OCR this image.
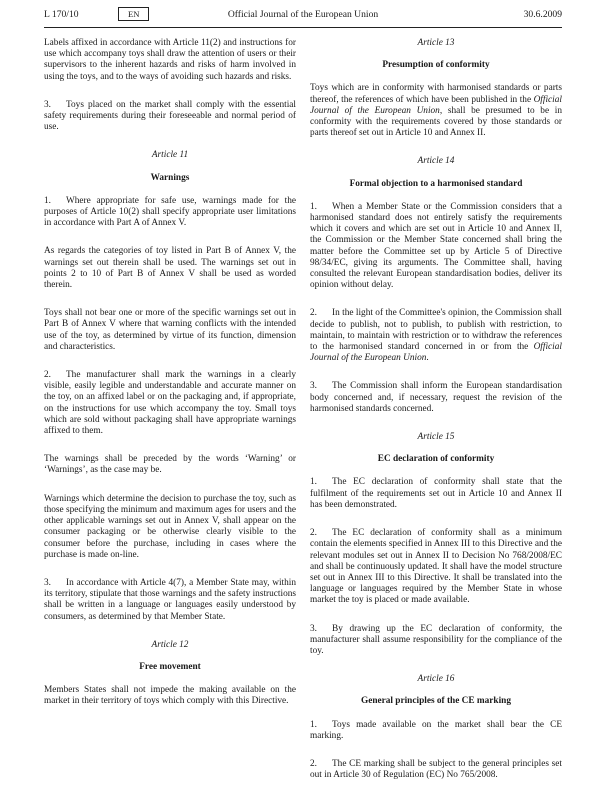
L 170/10	EN	Official Journal of the European Union	30.6.2009

Labels affixed in accordance with Article 11(2) and instructions for use which accompany toys shall draw the attention of users or their supervisors to the inherent hazards and risks of harm involved in using the toys, and to the ways of avoiding such hazards and risks.

3. Toys placed on the market shall comply with the essential safety requirements during their foreseeable and normal period of use.

Article 11
Warnings

1. Where appropriate for safe use, warnings made for the purposes of Article 10(2) shall specify appropriate user limitations in accordance with Part A of Annex V.

As regards the categories of toy listed in Part B of Annex V, the warnings set out therein shall be used. The warnings set out in points 2 to 10 of Part B of Annex V shall be used as worded therein.

Toys shall not bear one or more of the specific warnings set out in Part B of Annex V where that warning conflicts with the intended use of the toy, as determined by virtue of its function, dimension and characteristics.

2. The manufacturer shall mark the warnings in a clearly visible, easily legible and understandable and accurate manner on the toy, on an affixed label or on the packaging and, if appropriate, on the instructions for use which accompany the toy. Small toys which are sold without packaging shall have appropriate warnings affixed to them.

The warnings shall be preceded by the words ‘Warning’ or ‘Warnings’, as the case may be.

Warnings which determine the decision to purchase the toy, such as those specifying the minimum and maximum ages for users and the other applicable warnings set out in Annex V, shall appear on the consumer packaging or be otherwise clearly visible to the consumer before the purchase, including in cases where the purchase is made on-line.

3. In accordance with Article 4(7), a Member State may, within its territory, stipulate that those warnings and the safety instructions shall be written in a language or languages easily understood by consumers, as determined by that Member State.

Article 12
Free movement

Members States shall not impede the making available on the market in their territory of toys which comply with this Directive.

Article 13
Presumption of conformity

Toys which are in conformity with harmonised standards or parts thereof, the references of which have been published in the Official Journal of the European Union, shall be presumed to be in conformity with the requirements covered by those standards or parts thereof set out in Article 10 and Annex II.

Article 14
Formal objection to a harmonised standard

1. When a Member State or the Commission considers that a harmonised standard does not entirely satisfy the requirements which it covers and which are set out in Article 10 and Annex II, the Commission or the Member State concerned shall bring the matter before the Committee set up by Article 5 of Directive 98/34/EC, giving its arguments. The Committee shall, having consulted the relevant European standardisation bodies, deliver its opinion without delay.

2. In the light of the Committee's opinion, the Commission shall decide to publish, not to publish, to publish with restriction, to maintain, to maintain with restriction or to withdraw the references to the harmonised standard concerned in or from the Official Journal of the European Union.

3. The Commission shall inform the European standardisation body concerned and, if necessary, request the revision of the harmonised standards concerned.

Article 15
EC declaration of conformity

1. The EC declaration of conformity shall state that the fulfilment of the requirements set out in Article 10 and Annex II has been demonstrated.

2. The EC declaration of conformity shall as a minimum contain the elements specified in Annex III to this Directive and the relevant modules set out in Annex II to Decision No 768/2008/EC and shall be continuously updated. It shall have the model structure set out in Annex III to this Directive. It shall be translated into the language or languages required by the Member State in whose market the toy is placed or made available.

3. By drawing up the EC declaration of conformity, the manufacturer shall assume responsibility for the compliance of the toy.

Article 16
General principles of the CE marking

1. Toys made available on the market shall bear the CE marking.

2. The CE marking shall be subject to the general principles set out in Article 30 of Regulation (EC) No 765/2008.
